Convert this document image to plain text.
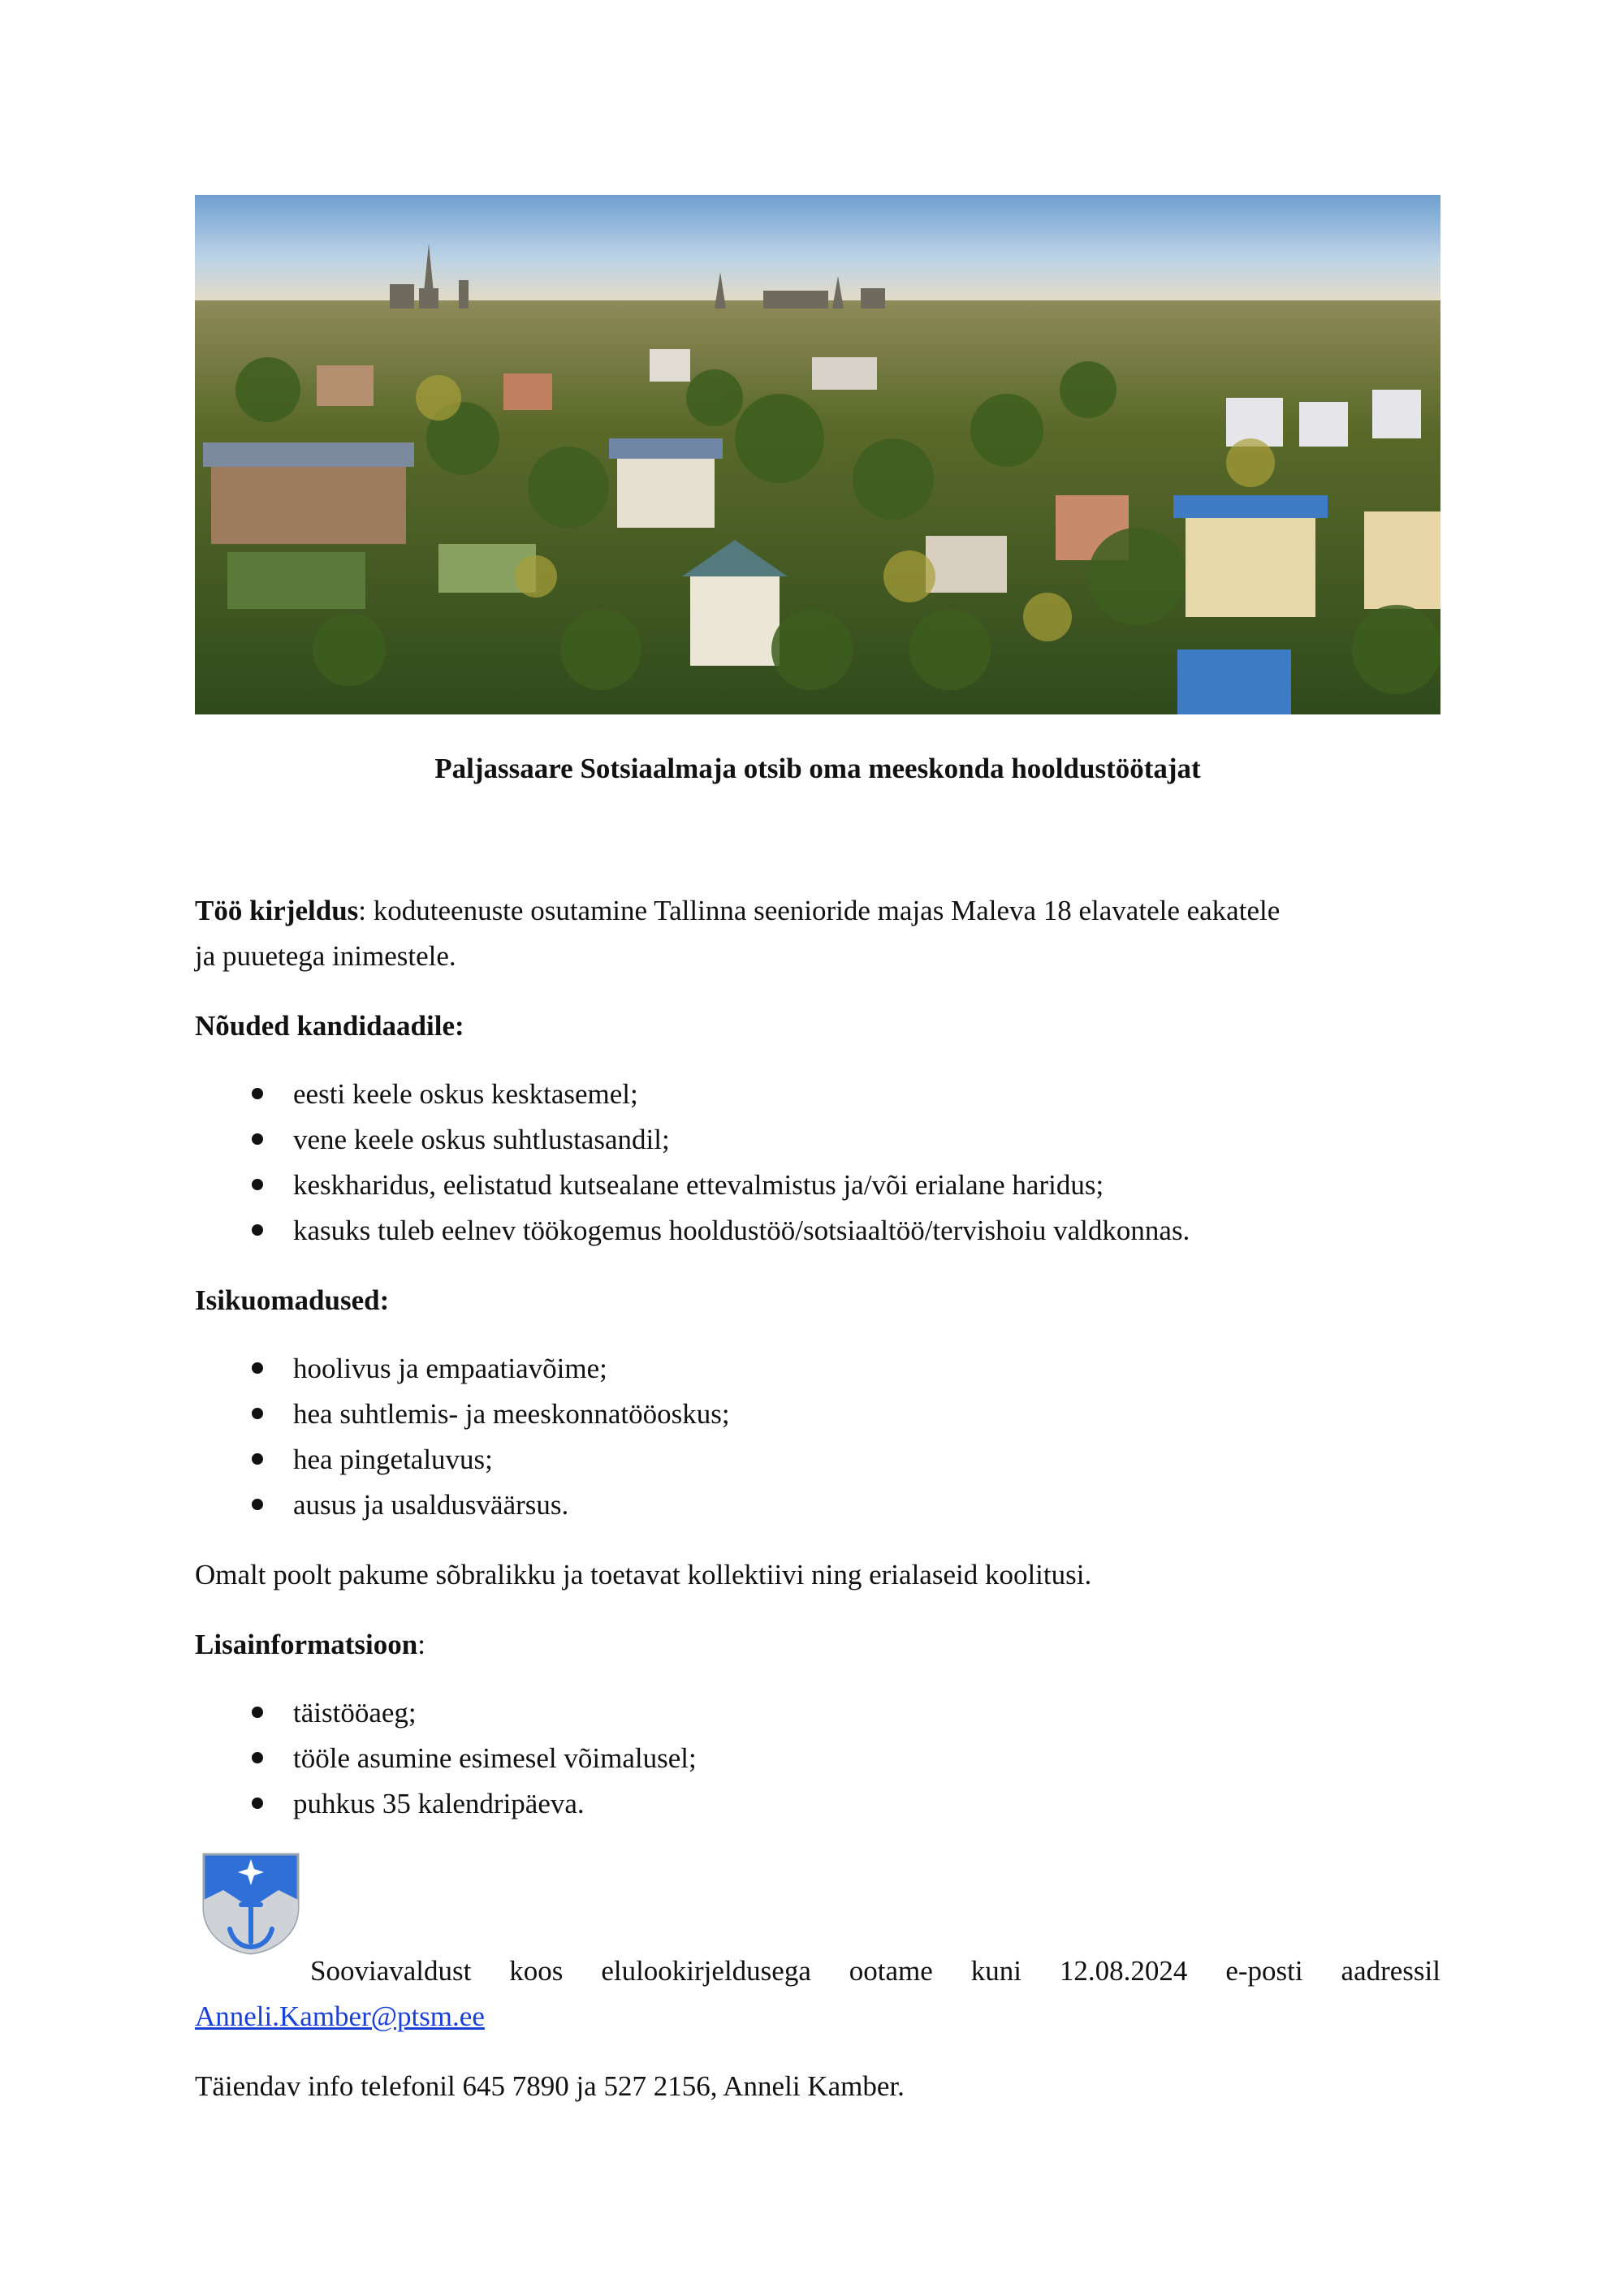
Paljassaare Sotsiaalmaja otsib oma meeskonda hooldustöötajat

Töö kirjeldus: koduteenuste osutamine Tallinna seenioride majas Maleva 18 elavatele eakatele

ja puuetega inimestele.

Nõuded kandidaadile:

eesti keele oskus kesktasemel;
vene keele oskus suhtlustasandil;
keskharidus, eelistatud kutsealane ettevalmistus ja/või erialane haridus;
kasuks tuleb eelnev töökogemus hooldustöö/sotsiaaltöö/tervishoiu valdkonnas.

Isikuomadused:

hoolivus ja empaatiavõime;
hea suhtlemis- ja meeskonnatööoskus;
hea pingetaluvus;
ausus ja usaldusväärsus.

Omalt poolt pakume sõbralikku ja toetavat kollektiivi ning erialaseid koolitusi.

Lisainformatsioon:

täistööaeg;
tööle asumine esimesel võimalusel;
puhkus 35 kalendripäeva.
Sooviavaldust koos elulookirjeldusega ootame kuni 12.08.2024 e-posti aadressil

Anneli.Kamber@ptsm.ee

Täiendav info telefonil 645 7890 ja 527 2156, Anneli Kamber.
